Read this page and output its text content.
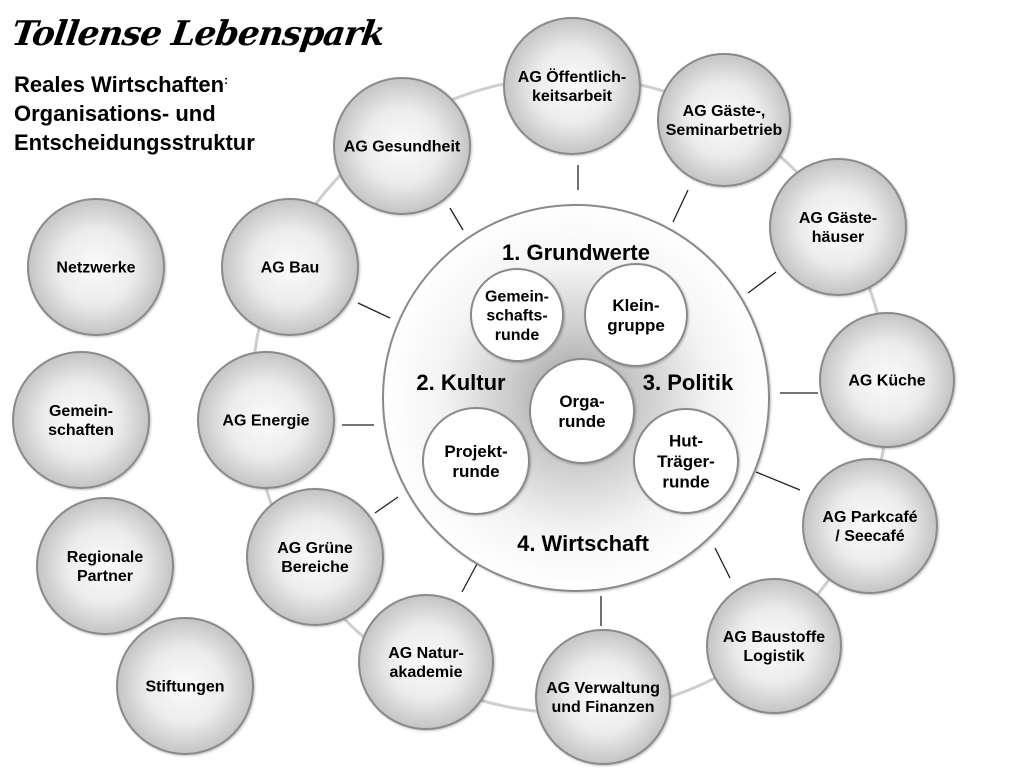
Tollense Lebenspark
Reales Wirtschaften:
Organisations- und
Entscheidungsstruktur
1. Grundwerte
2. Kultur	3. Politik
4. Wirtschaft
Gemein-
schafts-
runde
Klein-
gruppe
Orga-
runde
Projekt-
runde
Hut-
Träger-
runde
AG Öffentlich-
keitsarbeit
AG Gäste-,
Seminarbetrieb
AG Gäste-
häuser
AG Küche
AG Parkcafé
/ Seecafé
AG Baustoffe
Logistik
AG Verwaltung
und Finanzen
AG Natur-
akademie
AG Grüne
Bereiche
AG Energie
AG Bau
AG Gesundheit
Netzwerke
Gemein-
schaften
Regionale
Partner
Stiftungen
